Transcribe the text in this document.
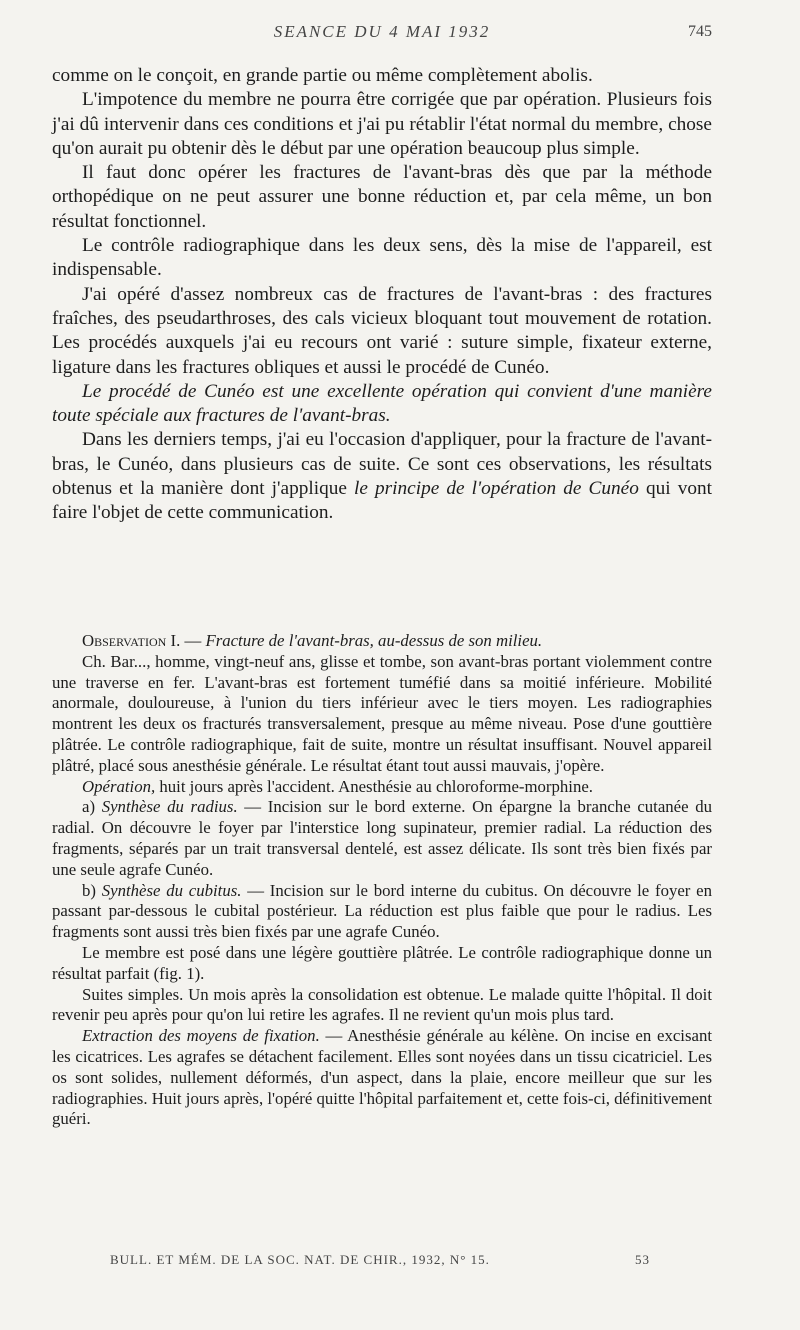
SEANCE DU 4 MAI 1932	745

comme on le conçoit, en grande partie ou même complètement abolis.

L'impotence du membre ne pourra être corrigée que par opération. Plusieurs fois j'ai dû intervenir dans ces conditions et j'ai pu rétablir l'état normal du membre, chose qu'on aurait pu obtenir dès le début par une opération beaucoup plus simple.

Il faut donc opérer les fractures de l'avant-bras dès que par la méthode orthopédique on ne peut assurer une bonne réduction et, par cela même, un bon résultat fonctionnel.

Le contrôle radiographique dans les deux sens, dès la mise de l'appareil, est indispensable.

J'ai opéré d'assez nombreux cas de fractures de l'avant-bras : des fractures fraîches, des pseudarthroses, des cals vicieux bloquant tout mouvement de rotation. Les procédés auxquels j'ai eu recours ont varié : suture simple, fixateur externe, ligature dans les fractures obliques et aussi le procédé de Cunéo.

Le procédé de Cunéo est une excellente opération qui convient d'une manière toute spéciale aux fractures de l'avant-bras.

Dans les derniers temps, j'ai eu l'occasion d'appliquer, pour la fracture de l'avant-bras, le Cunéo, dans plusieurs cas de suite. Ce sont ces observations, les résultats obtenus et la manière dont j'applique le principe de l'opération de Cunéo qui vont faire l'objet de cette communication.

Observation I. — Fracture de l'avant-bras, au-dessus de son milieu.

Ch. Bar..., homme, vingt-neuf ans, glisse et tombe, son avant-bras portant violemment contre une traverse en fer. L'avant-bras est fortement tuméfié dans sa moitié inférieure. Mobilité anormale, douloureuse, à l'union du tiers inférieur avec le tiers moyen. Les radiographies montrent les deux os fracturés transversalement, presque au même niveau. Pose d'une gouttière plâtrée. Le contrôle radiographique, fait de suite, montre un résultat insuffisant. Nouvel appareil plâtré, placé sous anesthésie générale. Le résultat étant tout aussi mauvais, j'opère.

Opération, huit jours après l'accident. Anesthésie au chloroforme-morphine.

a) Synthèse du radius. — Incision sur le bord externe. On épargne la branche cutanée du radial. On découvre le foyer par l'interstice long supinateur, premier radial. La réduction des fragments, séparés par un trait transversal dentelé, est assez délicate. Ils sont très bien fixés par une seule agrafe Cunéo.

b) Synthèse du cubitus. — Incision sur le bord interne du cubitus. On découvre le foyer en passant par-dessous le cubital postérieur. La réduction est plus faible que pour le radius. Les fragments sont aussi très bien fixés par une agrafe Cunéo.

Le membre est posé dans une légère gouttière plâtrée. Le contrôle radiographique donne un résultat parfait (fig. 1).

Suites simples. Un mois après la consolidation est obtenue. Le malade quitte l'hôpital. Il doit revenir peu après pour qu'on lui retire les agrafes. Il ne revient qu'un mois plus tard.

Extraction des moyens de fixation. — Anesthésie générale au kélène. On incise en excisant les cicatrices. Les agrafes se détachent facilement. Elles sont noyées dans un tissu cicatriciel. Les os sont solides, nullement déformés, d'un aspect, dans la plaie, encore meilleur que sur les radiographies. Huit jours après, l'opéré quitte l'hôpital parfaitement et, cette fois-ci, définitivement guéri.

BULL. ET MÉM. DE LA SOC. NAT. DE CHIR., 1932, N° 15.	53
